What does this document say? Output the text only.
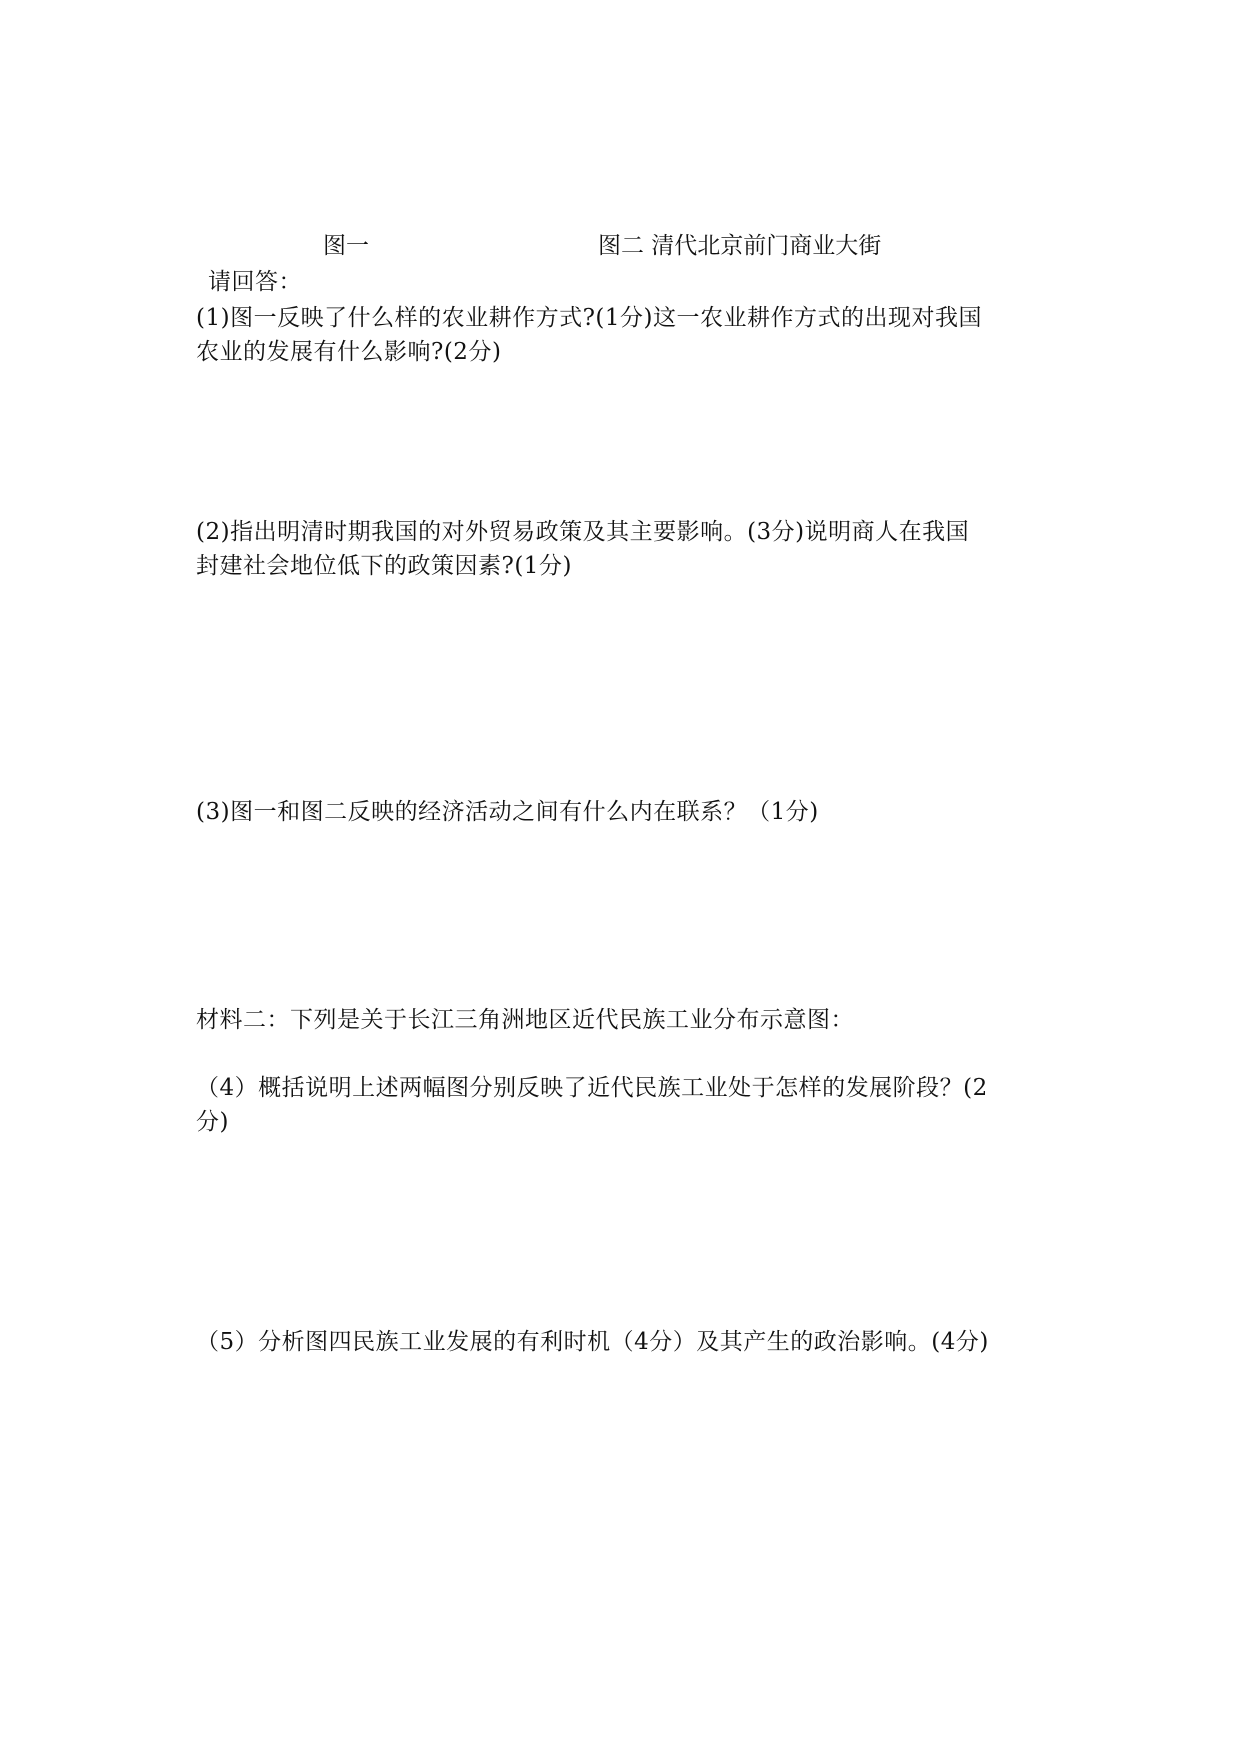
图一	图二 清代北京前门商业大街
请回答：
(1)图一反映了什么样的农业耕作方式?(1分)这一农业耕作方式的出现对我国
农业的发展有什么影响?(2分)
(2)指出明清时期我国的对外贸易政策及其主要影响。(3分)说明商人在我国
封建社会地位低下的政策因素?(1分)
(3)图一和图二反映的经济活动之间有什么内在联系？（1分)
材料二：下列是关于长江三角洲地区近代民族工业分布示意图：
（4）概括说明上述两幅图分别反映了近代民族工业处于怎样的发展阶段？(2
分)
（5）分析图四民族工业发展的有利时机（4分）及其产生的政治影响。(4分)
